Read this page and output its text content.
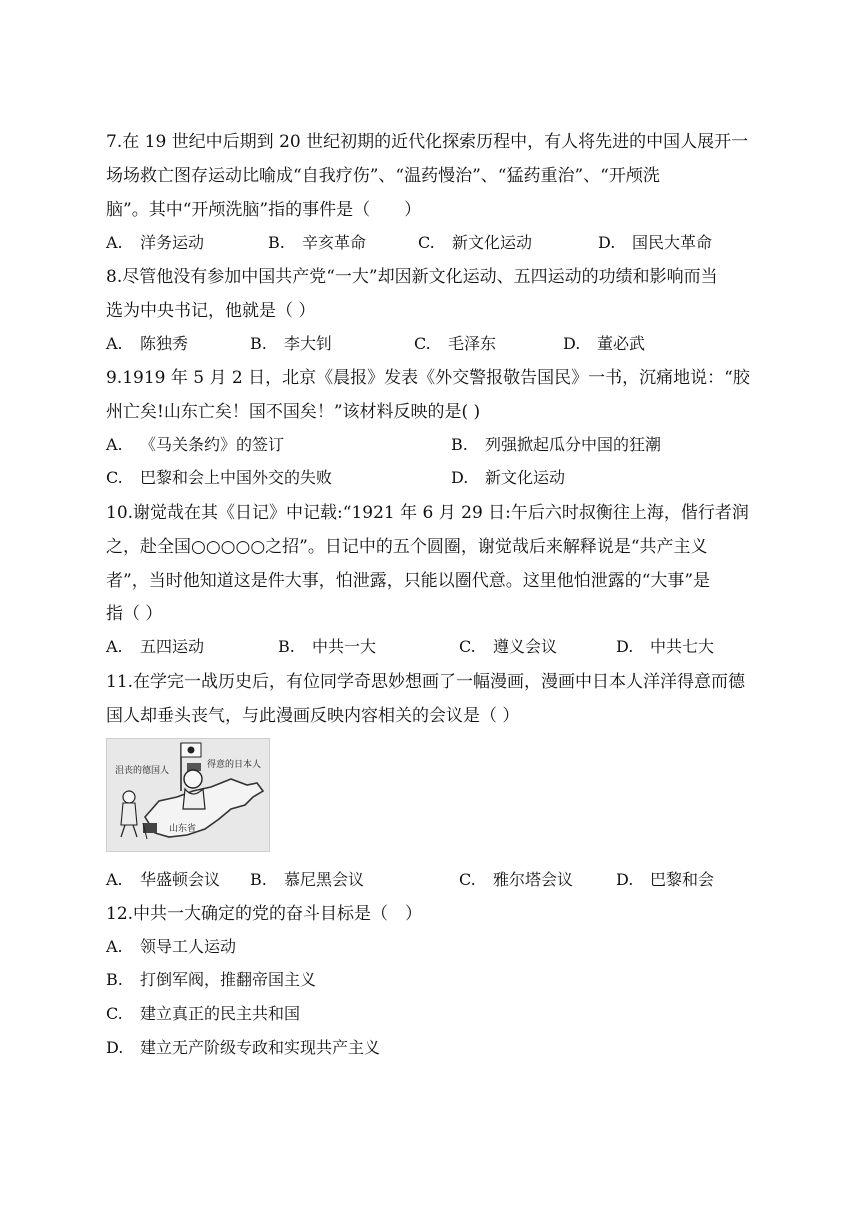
7.在 19 世纪中后期到 20 世纪初期的近代化探索历程中，有人将先进的中国人展开一
场场救亡图存运动比喻成“自我疗伤”、“温药慢治”、“猛药重治”、“开颅洗
脑”。其中“开颅洗脑”指的事件是（　　）
A. 洋务运动	B. 辛亥革命	C. 新文化运动	D. 国民大革命
8.尽管他没有参加中国共产党“一大”却因新文化运动、五四运动的功绩和影响而当
选为中央书记，他就是（ ）
A. 陈独秀	B. 李大钊	C. 毛泽东	D. 董必武
9.1919 年 5 月 2 日，北京《晨报》发表《外交警报敬告国民》一书，沉痛地说：“胶
州亡矣!山东亡矣！国不国矣！”该材料反映的是( )
A. 《马关条约》的签订	B. 列强掀起瓜分中国的狂潮
C. 巴黎和会上中国外交的失败	D. 新文化运动
10.谢觉哉在其《日记》中记载:“1921 年 6 月 29 日:午后六时叔衡往上海，偕行者润
之，赴全国○○○○○之招”。日记中的五个圆圈，谢觉哉后来解释说是“共产主义
者”，当时他知道这是件大事，怕泄露，只能以圈代意。这里他怕泄露的“大事”是
指（ ）
A. 五四运动	B. 中共一大	C. 遵义会议	D. 中共七大
11.在学完一战历史后，有位同学奇思妙想画了一幅漫画，漫画中日本人洋洋得意而德
国人却垂头丧气，与此漫画反映内容相关的会议是（ ）
沮丧的德国人
得意的日本人
山东省
A. 华盛顿会议 B. 慕尼黑会议	C. 雅尔塔会议	D. 巴黎和会
12.中共一大确定的党的奋斗目标是（　）
A. 领导工人运动
B. 打倒军阀，推翻帝国主义
C. 建立真正的民主共和国
D. 建立无产阶级专政和实现共产主义
